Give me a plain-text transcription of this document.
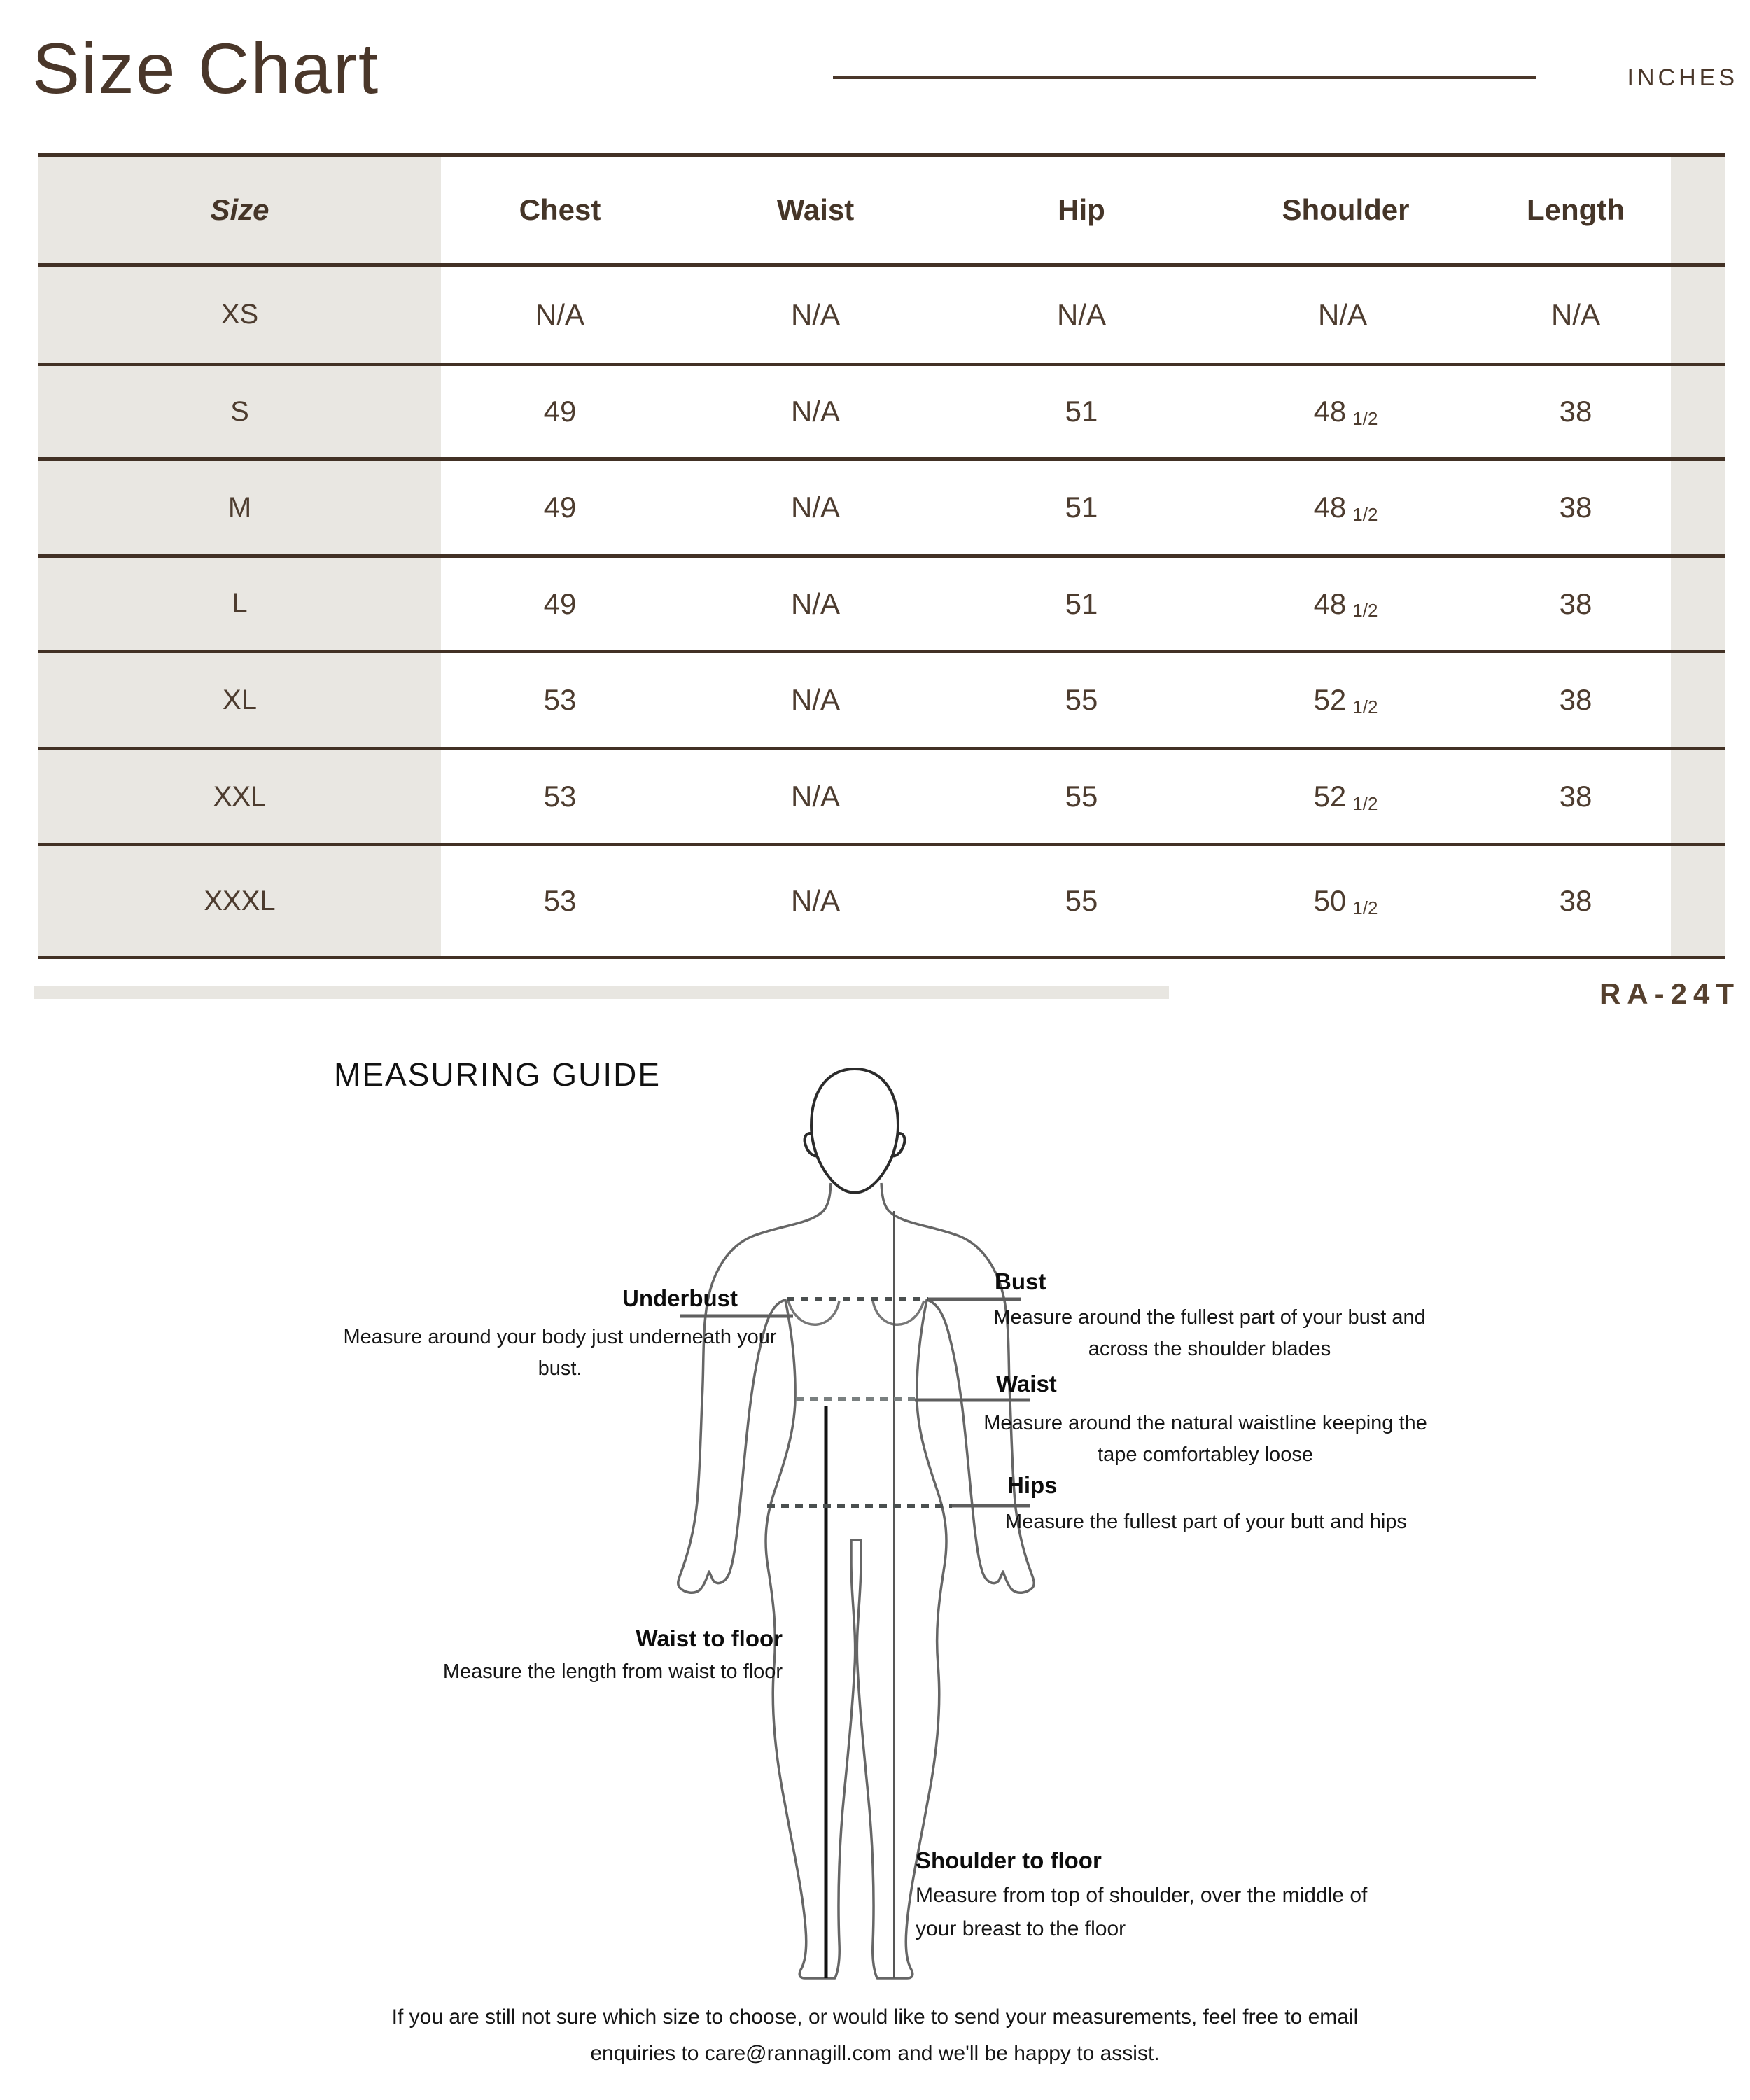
Size Chart	INCHES
Size	Chest	Waist	Hip	Shoulder	Length
XS	N/A	N/A	N/A	N/A	N/A
S	49	N/A	51	48 1/2	38
M	49	N/A	51	48 1/2	38
L	49	N/A	51	48 1/2	38
XL	53	N/A	55	52 1/2	38
XXL	53	N/A	55	52 1/2	38
XXXL	53	N/A	55	50 1/2	38
RA-24T
MEASURING GUIDE
Underbust
Measure around your body just underneath your bust.
Bust
Measure around the fullest part of your bust and across the shoulder blades
Waist
Measure around the natural waistline keeping the tape comfortabley loose
Hips
Measure the fullest part of your butt and hips
Waist to floor
Measure the length from waist to floor
Shoulder to floor
Measure from top of shoulder, over the middle of your breast to the floor
If you are still not sure which size to choose, or would like to send your measurements, feel free to email
enquiries to care@rannagill.com and we'll be happy to assist.
